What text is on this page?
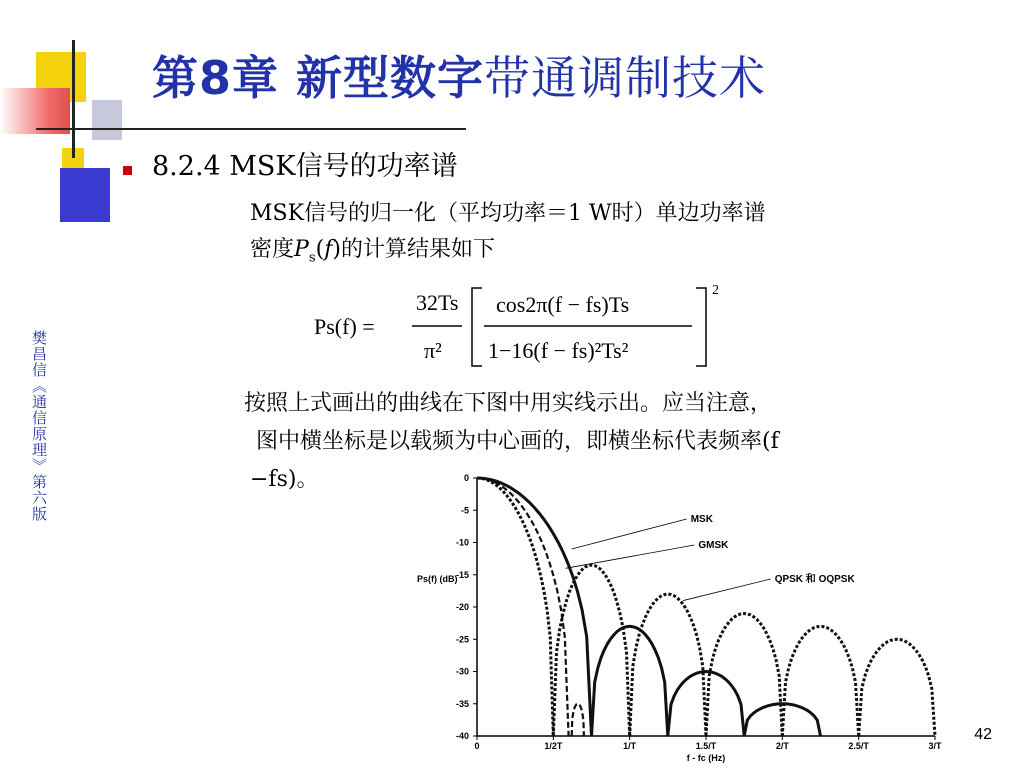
第8章 新型数字带通调制技术
8.2.4 MSK信号的功率谱
MSK信号的归一化（平均功率＝1 W时）单边功率谱
密度$P_s(f)$的计算结果如下
Ps(f) =
32Ts
π²
cos2π(f − fs)Ts
1−16(f − fs)²Ts²
2
按照上式画出的曲线在下图中用实线示出。应当注意，
图中横坐标是以载频为中心画的，即横坐标代表频率(f
−fs)。
樊昌信《通信原理》第六版
42
0
-5
-10
-15
-20
-25
-30
-35
-40
0	1/2T	1/T	1.5/T	2/T	2.5/T	3/T
Ps(f) (dB)
f - fc (Hz)
MSK
GMSK
QPSK 和 OQPSK
